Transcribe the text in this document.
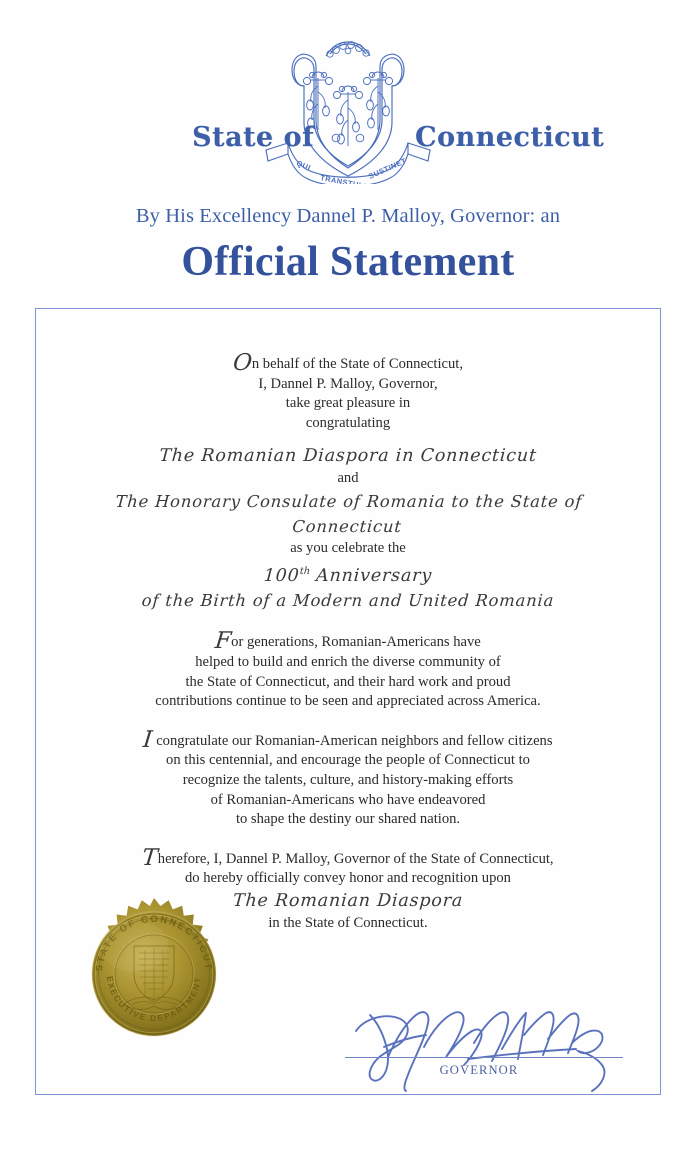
QUI
TRANSTULIT
SUSTINET
State of	Connecticut
By His Excellency Dannel P. Malloy, Governor: an
Official Statement
On behalf of the State of Connecticut,
I, Dannel P. Malloy, Governor,
take great pleasure in
congratulating
The Romanian Diaspora in Connecticut
and
The Honorary Consulate of Romania to the State of Connecticut
as you celebrate the
100th Anniversary
of the Birth of a Modern and United Romania
For generations, Romanian-Americans have
helped to build and enrich the diverse community of
the State of Connecticut, and their hard work and proud
contributions continue to be seen and appreciated across America.
I congratulate our Romanian-American neighbors and fellow citizens
on this centennial, and encourage the people of Connecticut to
recognize the talents, culture, and history-making efforts
of Romanian-Americans who have endeavored
to shape the destiny our shared nation.
Therefore, I, Dannel P. Malloy, Governor of the State of Connecticut,
do hereby officially convey honor and recognition upon
The Romanian Diaspora
in the State of Connecticut.
STATE OF CONNECTICUT
EXECUTIVE DEPARTMENT
GOVERNOR
